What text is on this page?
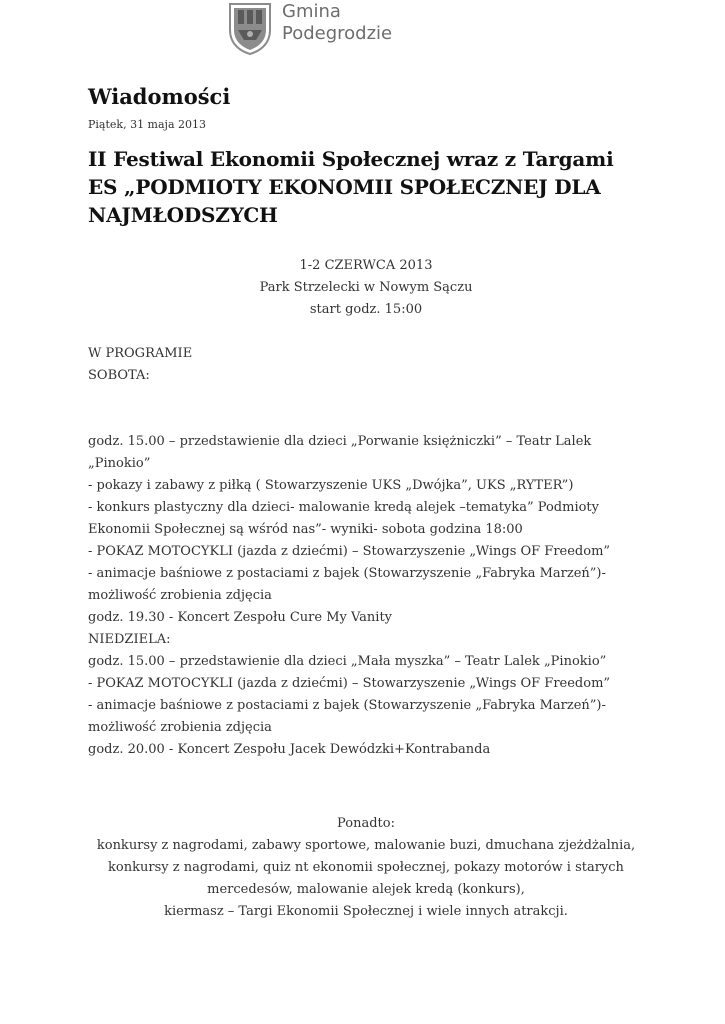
Gmina
Podegrodzie
Wiadomości
Piątek, 31 maja 2013
II Festiwal Ekonomii Społecznej wraz z Targami ES „PODMIOTY EKONOMII SPOŁECZNEJ DLA NAJMŁODSZYCH
1-2 CZERWCA 2013
Park Strzelecki w Nowym Sączu
start godz. 15:00
W PROGRAMIE
SOBOTA:
godz. 15.00 – przedstawienie dla dzieci „Porwanie księżniczki” – Teatr Lalek „Pinokio”
- pokazy i zabawy z piłką ( Stowarzyszenie UKS „Dwójka”, UKS „RYTER”)
- konkurs plastyczny dla dzieci- malowanie kredą alejek –tematyka” Podmioty Ekonomii Społecznej są wśród nas”- wyniki- sobota godzina 18:00
- POKAZ MOTOCYKLI (jazda z dziećmi) – Stowarzyszenie „Wings OF Freedom”
- animacje baśniowe z postaciami z bajek (Stowarzyszenie „Fabryka Marzeń”)- możliwość zrobienia zdjęcia
godz. 19.30 - Koncert Zespołu Cure My Vanity
NIEDZIELA:
godz. 15.00 – przedstawienie dla dzieci „Mała myszka” – Teatr Lalek „Pinokio”
- POKAZ MOTOCYKLI (jazda z dziećmi) – Stowarzyszenie „Wings OF Freedom”
- animacje baśniowe z postaciami z bajek (Stowarzyszenie „Fabryka Marzeń”)- możliwość zrobienia zdjęcia
godz. 20.00 - Koncert Zespołu Jacek Dewódzki+Kontrabanda
Ponadto:
konkursy z nagrodami, zabawy sportowe, malowanie buzi, dmuchana zjeżdżalnia,
konkursy z nagrodami, quiz nt ekonomii społecznej, pokazy motorów i starych mercedesów, malowanie alejek kredą (konkurs),
kiermasz – Targi Ekonomii Społecznej i wiele innych atrakcji.
